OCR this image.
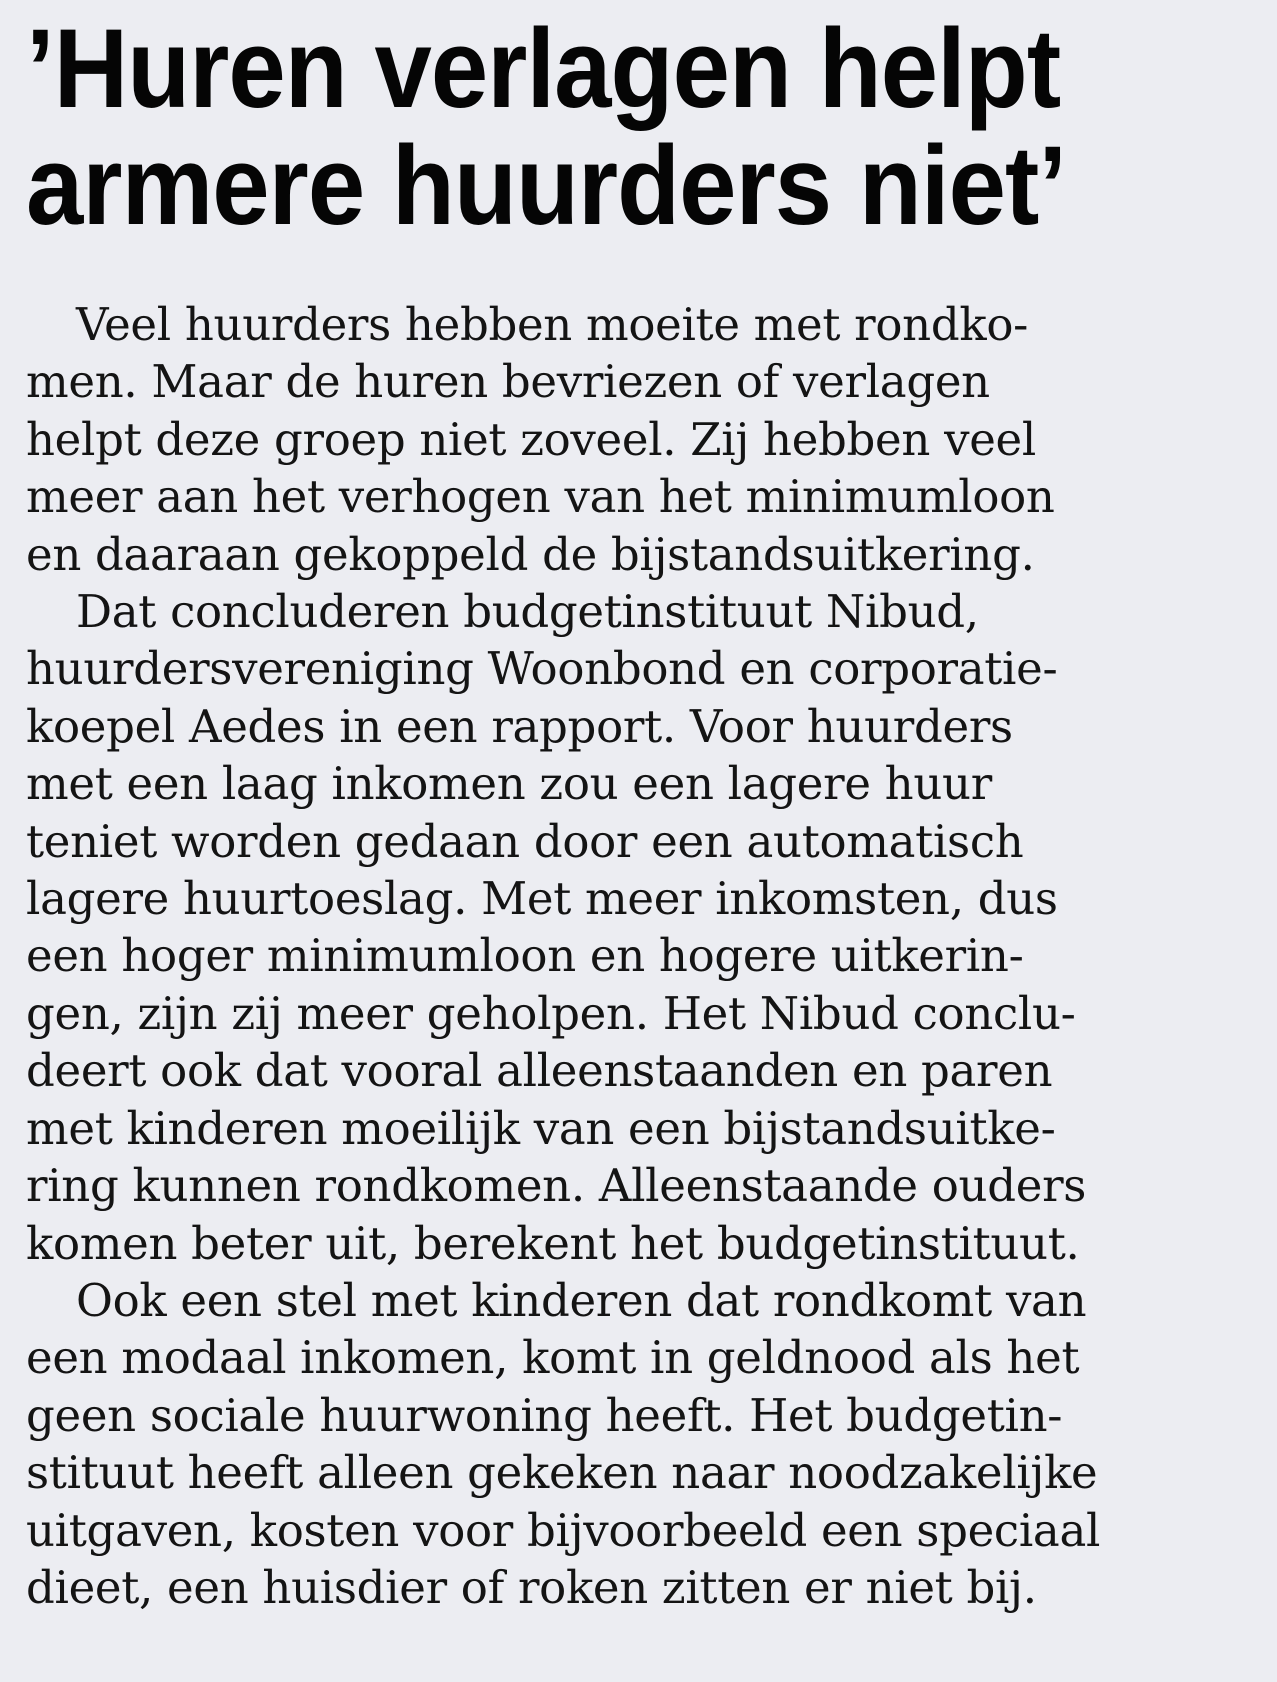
’Huren verlagen helpt
armere huurders niet’
Veel huurders hebben moeite met rondko-
men. Maar de huren bevriezen of verlagen
helpt deze groep niet zoveel. Zij hebben veel
meer aan het verhogen van het minimumloon
en daaraan gekoppeld de bijstandsuitkering.
Dat concluderen budgetinstituut Nibud,
huurdersvereniging Woonbond en corporatie-
koepel Aedes in een rapport. Voor huurders
met een laag inkomen zou een lagere huur
teniet worden gedaan door een automatisch
lagere huurtoeslag. Met meer inkomsten, dus
een hoger minimumloon en hogere uitkerin-
gen, zijn zij meer geholpen. Het Nibud conclu-
deert ook dat vooral alleenstaanden en paren
met kinderen moeilijk van een bijstandsuitke-
ring kunnen rondkomen. Alleenstaande ouders
komen beter uit, berekent het budgetinstituut.
Ook een stel met kinderen dat rondkomt van
een modaal inkomen, komt in geldnood als het
geen sociale huurwoning heeft. Het budgetin-
stituut heeft alleen gekeken naar noodzakelijke
uitgaven, kosten voor bijvoorbeeld een speciaal
dieet, een huisdier of roken zitten er niet bij.
